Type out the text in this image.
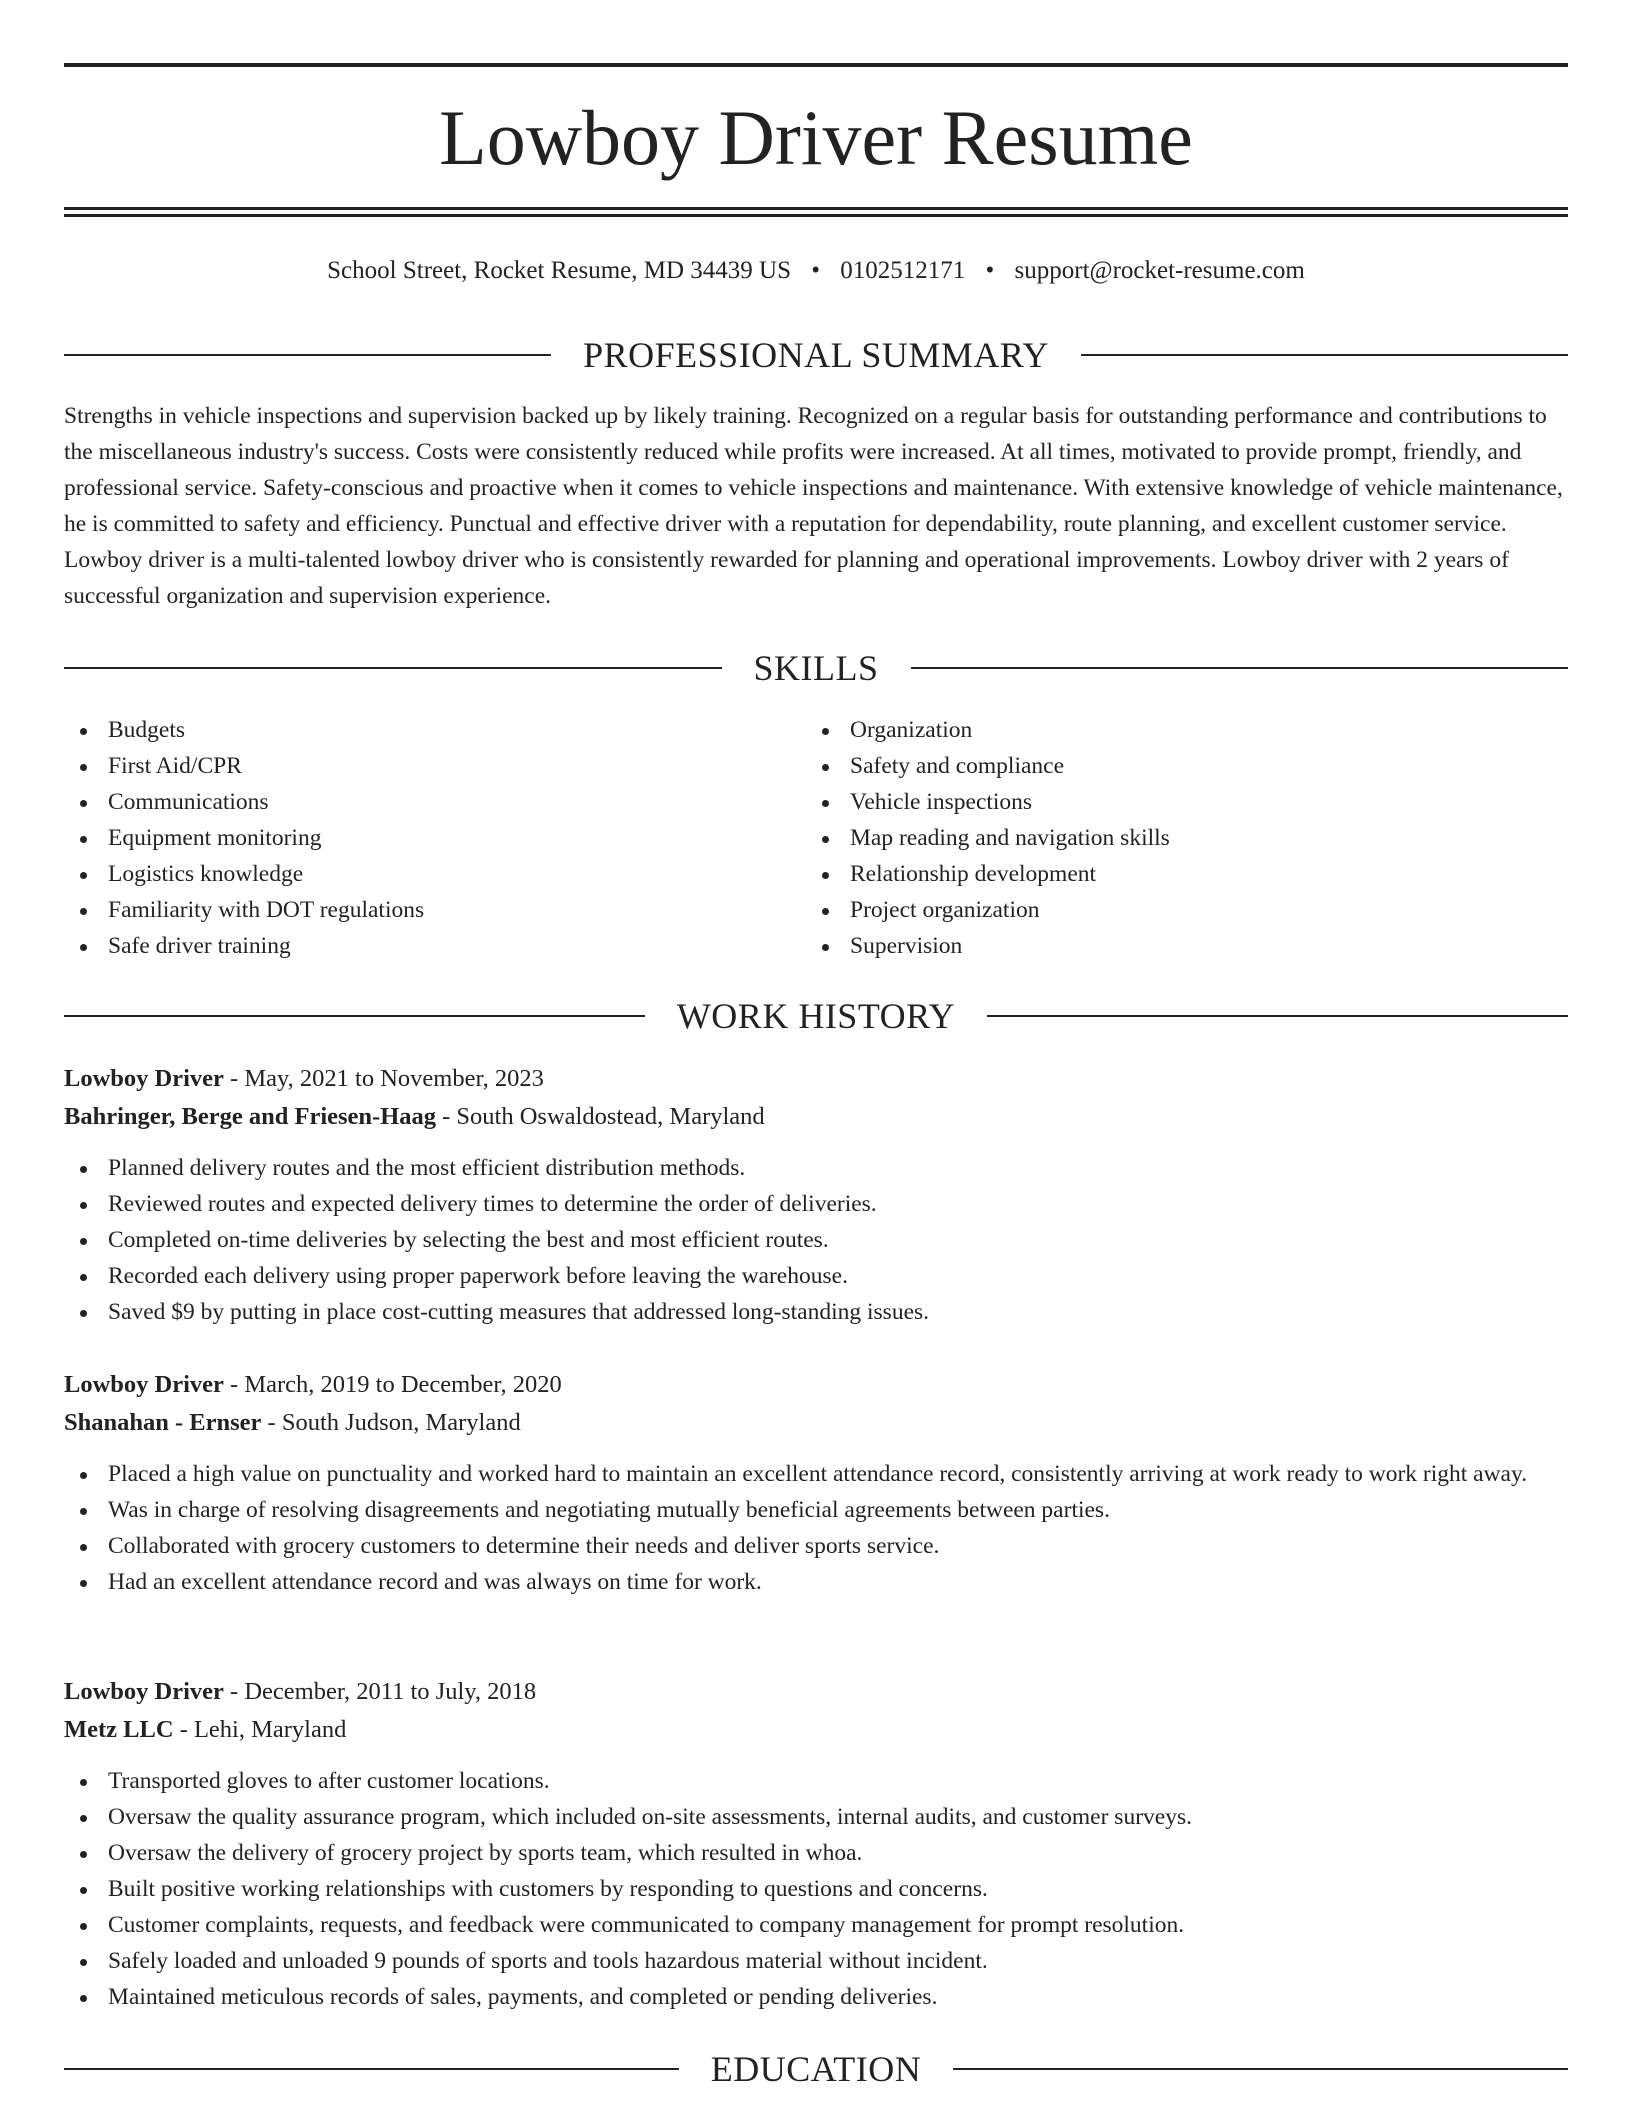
Lowboy Driver Resume
School Street, Rocket Resume, MD 34439 US • 0102512171 • support@rocket-resume.com
PROFESSIONAL SUMMARY

Strengths in vehicle inspections and supervision backed up by likely training. Recognized on a regular basis for outstanding performance and contributions to the miscellaneous industry's success. Costs were consistently reduced while profits were increased. At all times, motivated to provide prompt, friendly, and professional service. Safety-conscious and proactive when it comes to vehicle inspections and maintenance. With extensive knowledge of vehicle maintenance, he is committed to safety and efficiency. Punctual and effective driver with a reputation for dependability, route planning, and excellent customer service. Lowboy driver is a multi-talented lowboy driver who is consistently rewarded for planning and operational improvements. Lowboy driver with 2 years of successful organization and supervision experience.

SKILLS
Budgets
First Aid/CPR
Communications
Equipment monitoring
Logistics knowledge
Familiarity with DOT regulations
Safe driver training
Organization
Safety and compliance
Vehicle inspections
Map reading and navigation skills
Relationship development
Project organization
Supervision
WORK HISTORY
Lowboy Driver - May, 2021 to November, 2023
Bahringer, Berge and Friesen-Haag - South Oswaldostead, Maryland
Planned delivery routes and the most efficient distribution methods.
Reviewed routes and expected delivery times to determine the order of deliveries.
Completed on-time deliveries by selecting the best and most efficient routes.
Recorded each delivery using proper paperwork before leaving the warehouse.
Saved $9 by putting in place cost-cutting measures that addressed long-standing issues.
Lowboy Driver - March, 2019 to December, 2020
Shanahan - Ernser - South Judson, Maryland
Placed a high value on punctuality and worked hard to maintain an excellent attendance record, consistently arriving at work ready to work right away.
Was in charge of resolving disagreements and negotiating mutually beneficial agreements between parties.
Collaborated with grocery customers to determine their needs and deliver sports service.
Had an excellent attendance record and was always on time for work.
Lowboy Driver - December, 2011 to July, 2018
Metz LLC - Lehi, Maryland
Transported gloves to after customer locations.
Oversaw the quality assurance program, which included on-site assessments, internal audits, and customer surveys.
Oversaw the delivery of grocery project by sports team, which resulted in whoa.
Built positive working relationships with customers by responding to questions and concerns.
Customer complaints, requests, and feedback were communicated to company management for prompt resolution.
Safely loaded and unloaded 9 pounds of sports and tools hazardous material without incident.
Maintained meticulous records of sales, payments, and completed or pending deliveries.
EDUCATION
